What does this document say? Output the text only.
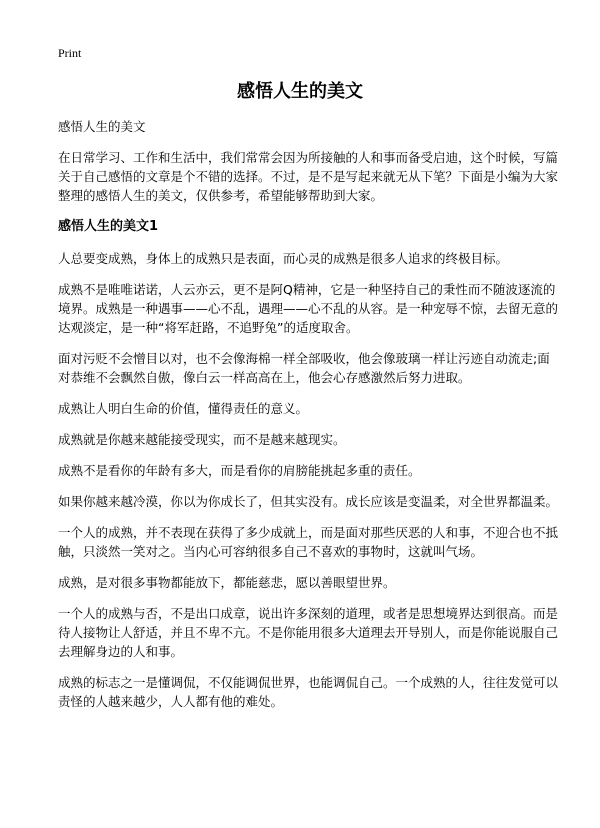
Print
感悟人生的美文
感悟人生的美文

在日常学习、工作和生活中，我们常常会因为所接触的人和事而备受启迪，这个时候，写篇关于自己感悟的文章是个不错的选择。不过，是不是写起来就无从下笔？下面是小编为大家整理的感悟人生的美文，仅供参考，希望能够帮助到大家。

感悟人生的美文1

人总要变成熟，身体上的成熟只是表面，而心灵的成熟是很多人追求的终极目标。

成熟不是唯唯诺诺，人云亦云，更不是阿Q精神，它是一种坚持自己的秉性而不随波逐流的境界。成熟是一种遇事——心不乱，遇理——心不乱的从容。是一种宠辱不惊，去留无意的达观淡定，是一种“将军赶路，不追野兔”的适度取舍。

面对污贬不会憎目以对，也不会像海棉一样全部吸收，他会像玻璃一样让污迹自动流走;面对恭维不会飘然自傲，像白云一样高高在上，他会心存感激然后努力进取。

成熟让人明白生命的价值，懂得责任的意义。

成熟就是你越来越能接受现实，而不是越来越现实。

成熟不是看你的年龄有多大，而是看你的肩膀能挑起多重的责任。

如果你越来越冷漠，你以为你成长了，但其实没有。成长应该是变温柔，对全世界都温柔。

一个人的成熟，并不表现在获得了多少成就上，而是面对那些厌恶的人和事，不迎合也不抵触，只淡然一笑对之。当内心可容纳很多自己不喜欢的事物时，这就叫气场。

成熟，是对很多事物都能放下，都能慈悲，愿以善眼望世界。

一个人的成熟与否，不是出口成章，说出许多深刻的道理，或者是思想境界达到很高。而是待人接物让人舒适，并且不卑不亢。不是你能用很多大道理去开导别人，而是你能说服自己去理解身边的人和事。

成熟的标志之一是懂调侃，不仅能调侃世界，也能调侃自己。一个成熟的人，往往发觉可以责怪的人越来越少，人人都有他的难处。
